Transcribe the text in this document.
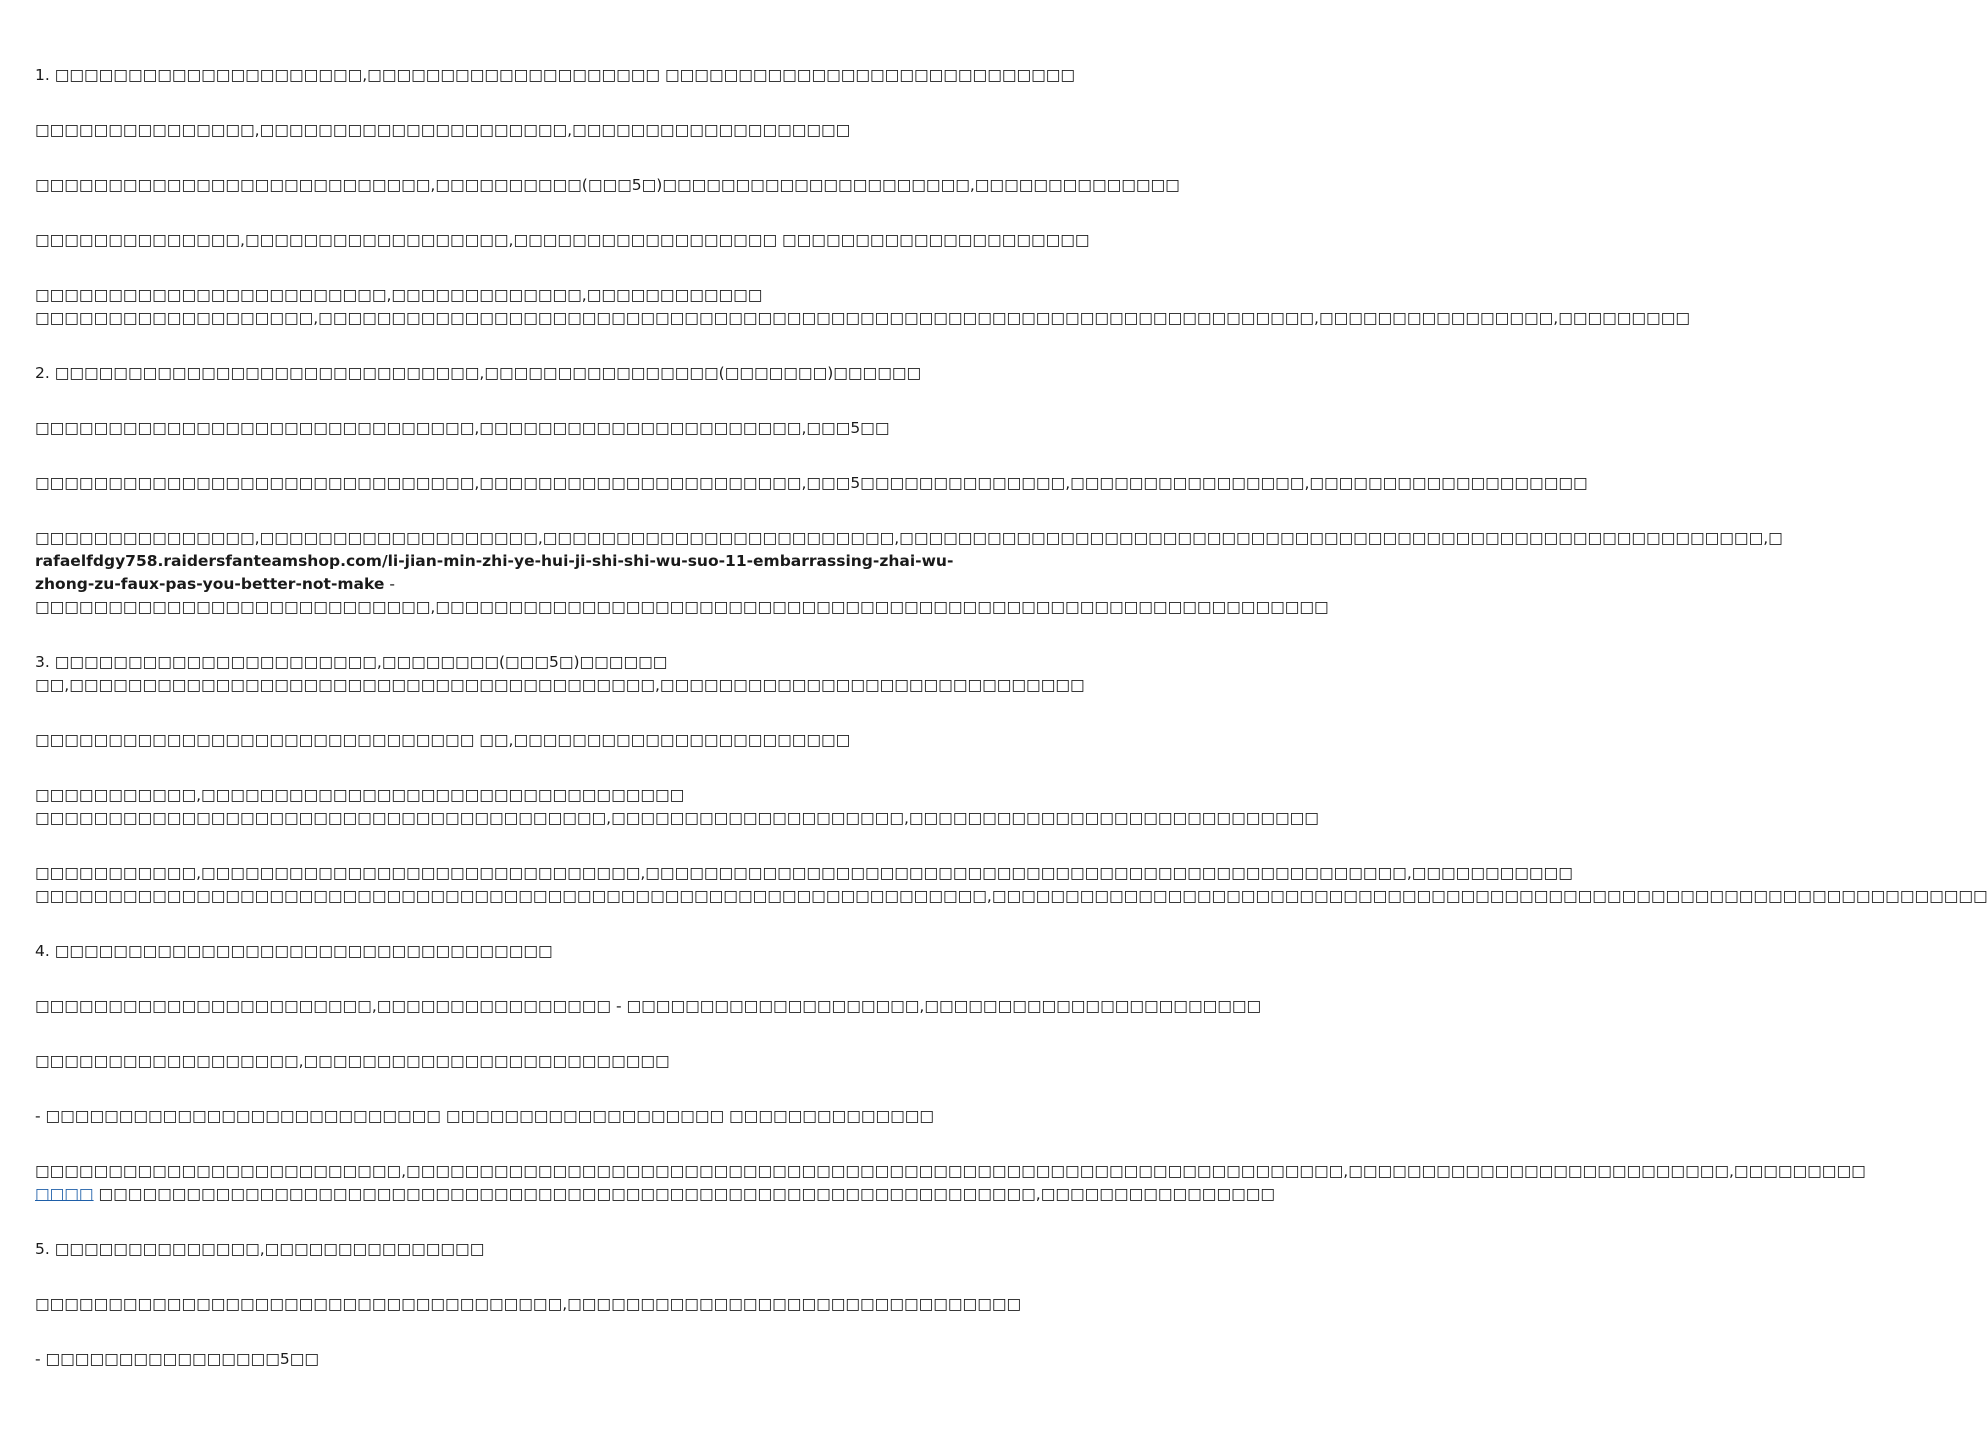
1. □□□□□□□□□□□□□□□□□□□□□,□□□□□□□□□□□□□□□□□□□□ □□□□□□□□□□□□□□□□□□□□□□□□□□□□

□□□□□□□□□□□□□□□,□□□□□□□□□□□□□□□□□□□□□,□□□□□□□□□□□□□□□□□□□

□□□□□□□□□□□□□□□□□□□□□□□□□□□,□□□□□□□□□□(□□□5□)□□□□□□□□□□□□□□□□□□□□□,□□□□□□□□□□□□□□

□□□□□□□□□□□□□□,□□□□□□□□□□□□□□□□□□,□□□□□□□□□□□□□□□□□□ □□□□□□□□□□□□□□□□□□□□□

□□□□□□□□□□□□□□□□□□□□□□□□,□□□□□□□□□□□□□,□□□□□□□□□□□□
□□□□□□□□□□□□□□□□□□□,□□□□□□□□□□□□□□□□□□□□□□□□□□□□□□□□□□□□□□□□□□□□□□□□□□□□□□□□□□□□□□□□□□□□,□□□□□□□□□□□□□□□□,□□□□□□□□□

2. □□□□□□□□□□□□□□□□□□□□□□□□□□□□□,□□□□□□□□□□□□□□□□(□□□□□□□)□□□□□□

□□□□□□□□□□□□□□□□□□□□□□□□□□□□□□,□□□□□□□□□□□□□□□□□□□□□□,□□□5□□

□□□□□□□□□□□□□□□□□□□□□□□□□□□□□□,□□□□□□□□□□□□□□□□□□□□□□,□□□5□□□□□□□□□□□□□□,□□□□□□□□□□□□□□□□,□□□□□□□□□□□□□□□□□□□

□□□□□□□□□□□□□□□,□□□□□□□□□□□□□□□□□□□,□□□□□□□□□□□□□□□□□□□□□□□□,□□□□□□□□□□□□□□□□□□□□□□□□□□□□□□□□□□□□□□□□□□□□□□□□□□□□□□□□□□□,□
rafaelfdgy758.raidersfanteamshop.com/li-jian-min-zhi-ye-hui-ji-shi-shi-wu-suo-11-embarrassing-zhai-wu-zhong-zu-faux-pas-you-better-not-make -
□□□□□□□□□□□□□□□□□□□□□□□□□□□,□□□□□□□□□□□□□□□□□□□□□□□□□□□□□□□□□□□□□□□□□□□□□□□□□□□□□□□□□□□□□

3. □□□□□□□□□□□□□□□□□□□□□□,□□□□□□□□(□□□5□)□□□□□□
□□,□□□□□□□□□□□□□□□□□□□□□□□□□□□□□□□□□□□□□□□□,□□□□□□□□□□□□□□□□□□□□□□□□□□□□□

□□□□□□□□□□□□□□□□□□□□□□□□□□□□□□ □□,□□□□□□□□□□□□□□□□□□□□□□□

□□□□□□□□□□□,□□□□□□□□□□□□□□□□□□□□□□□□□□□□□□□□□
□□□□□□□□□□□□□□□□□□□□□□□□□□□□□□□□□□□□□□□,□□□□□□□□□□□□□□□□□□□□,□□□□□□□□□□□□□□□□□□□□□□□□□□□□

□□□□□□□□□□□,□□□□□□□□□□□□□□□□□□□□□□□□□□□□□□,□□□□□□□□□□□□□□□□□□□□□□□□□□□□□□□□□□□□□□□□□□□□□□□□□□□□,□□□□□□□□□□□
□□□□□□□□□□□□□□□□□□□□□□□□□□□□□□□□□□□□□□□□□□□□□□□□□□□□□□□□□□□□□□□□□,□□□□□□□□□□□□□□□□□□□□□□□□□□□□□□□□□□□□□□□□□□□□□□□□□□□□□□□□□□□□□□□□□□□□

4. □□□□□□□□□□□□□□□□□□□□□□□□□□□□□□□□□□

□□□□□□□□□□□□□□□□□□□□□□□,□□□□□□□□□□□□□□□□ - □□□□□□□□□□□□□□□□□□□□,□□□□□□□□□□□□□□□□□□□□□□□

□□□□□□□□□□□□□□□□□□,□□□□□□□□□□□□□□□□□□□□□□□□□

- □□□□□□□□□□□□□□□□□□□□□□□□□□□ □□□□□□□□□□□□□□□□□□□ □□□□□□□□□□□□□□

□□□□□□□□□□□□□□□□□□□□□□□□□,□□□□□□□□□□□□□□□□□□□□□□□□□□□□□□□□□□□□□□□□□□□□□□□□□□□□□□□□□□□□□□□□,□□□□□□□□□□□□□□□□□□□□□□□□□□,□□□□□□□□□
□□□□ □□□□□□□□□□□□□□□□□□□□□□□□□□□□□□□□□□□□□□□□□□□□□□□□□□□□□□□□□□□□□□□□,□□□□□□□□□□□□□□□□

5. □□□□□□□□□□□□□□,□□□□□□□□□□□□□□□

□□□□□□□□□□□□□□□□□□□□□□□□□□□□□□□□□□□□,□□□□□□□□□□□□□□□□□□□□□□□□□□□□□□□

- □□□□□□□□□□□□□□□□5□□
